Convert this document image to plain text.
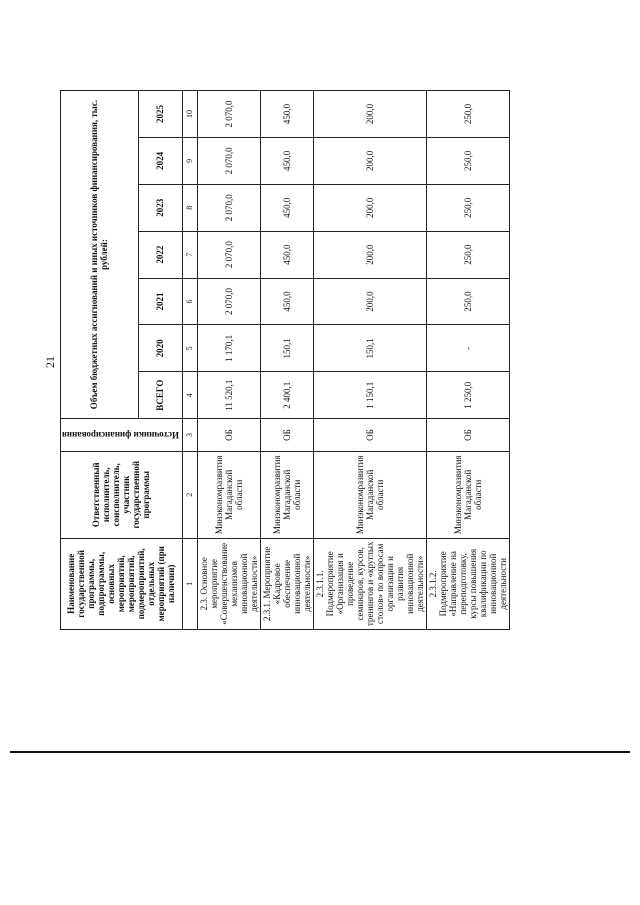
21
Наименование государственной программы, подпрограммы, основных мероприятий, мероприятий, подмероприятий, отдельных мероприятий (при наличии)	Ответственный исполнитель, соисполнитель, участник государственной программы	Источники финансирования	Объем бюджетных ассигнований и иных источников финансирования, тыс. рублей:						
			ВСЕГО	2020	2021	2022	2023	2024	2025
1	2	3	4	5	6	7	8	9	10
2.3. Основное мероприятие «Совершенствование механизмов инновационной деятельности»	Минэкономразвития Магаданской области	ОБ	11 520,1	1 170,1	2 070,0	2 070,0	2 070,0	2 070,0	2 070,0
2.3.1. Мероприятие «Кадровое обеспечение инновационной деятельности»	Минэкономразвития Магаданской области	ОБ	2 400,1	150,1	450,0	450,0	450,0	450,0	450,0
2.3.1.1. Подмероприятие «Организация и проведение семинаров, курсов, тренингов и «круглых столов» по вопросам организации и развития инновационной деятельности»	Минэкономразвития Магаданской области	ОБ	1 150,1	150,1	200,0	200,0	200,0	200,0	200,0
2.3.1.2. Подмероприятие «Направление на переподготовку, курсы повышения квалификации по инновационной деятельности	Минэкономразвития Магаданской области	ОБ	1 250,0	-	250,0	250,0	250,0	250,0	250,0
